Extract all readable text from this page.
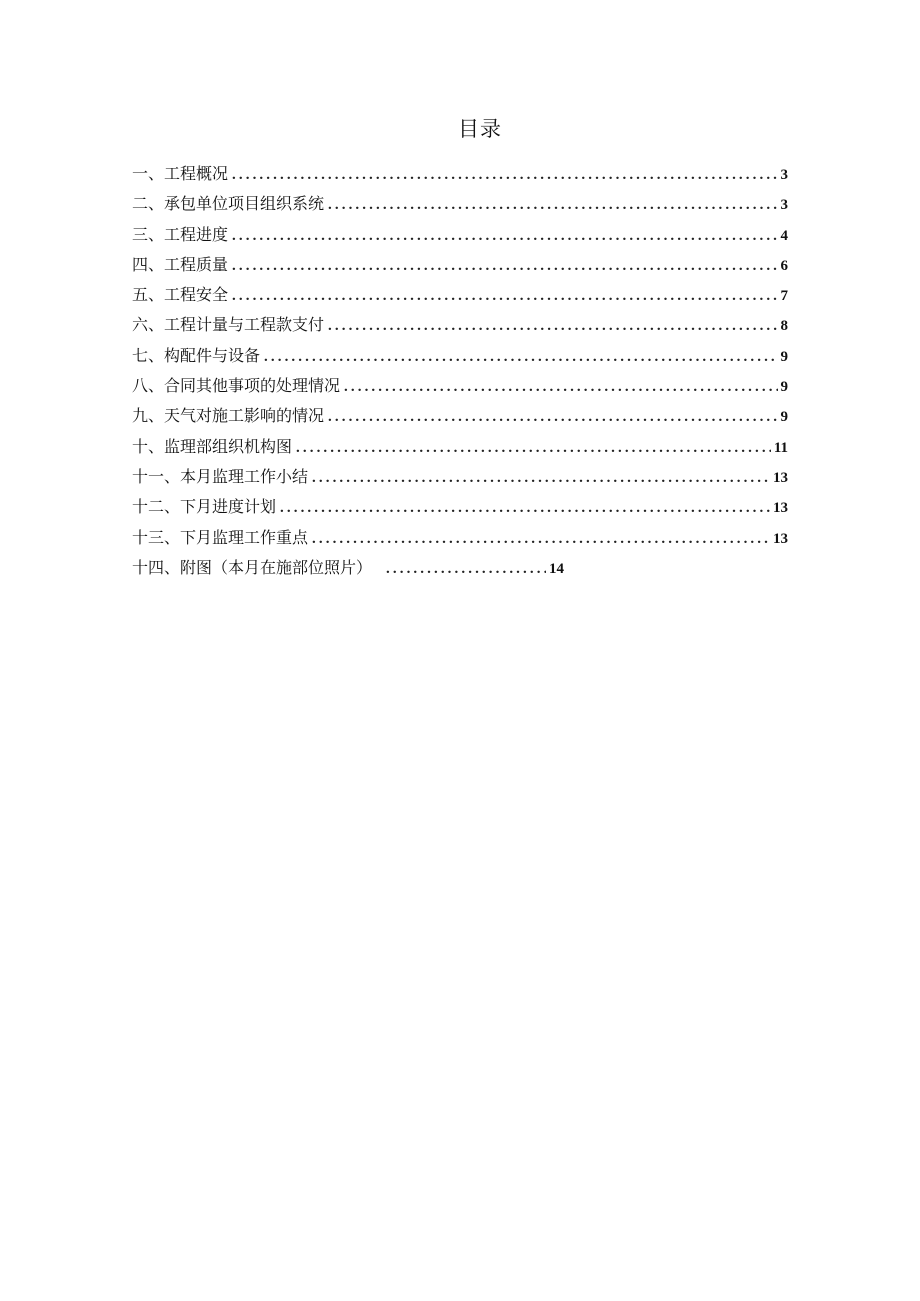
目录
一、工程概况 .....	3
二、承包单位项目组织系统 .....	3
三、工程进度 .....	4
四、工程质量 .....	6
五、工程安全 .....	7
六、工程计量与工程款支付 .....	8
七、构配件与设备 .....	9
八、合同其他事项的处理情况 .....	9
九、天气对施工影响的情况 .....	9
十、监理部组织机构图 .....	11
十一、本月监理工作小结 .....	13
十二、下月进度计划 .....	13
十三、下月监理工作重点 .....	13
十四、附图（本月在施部位照片） .....	14
